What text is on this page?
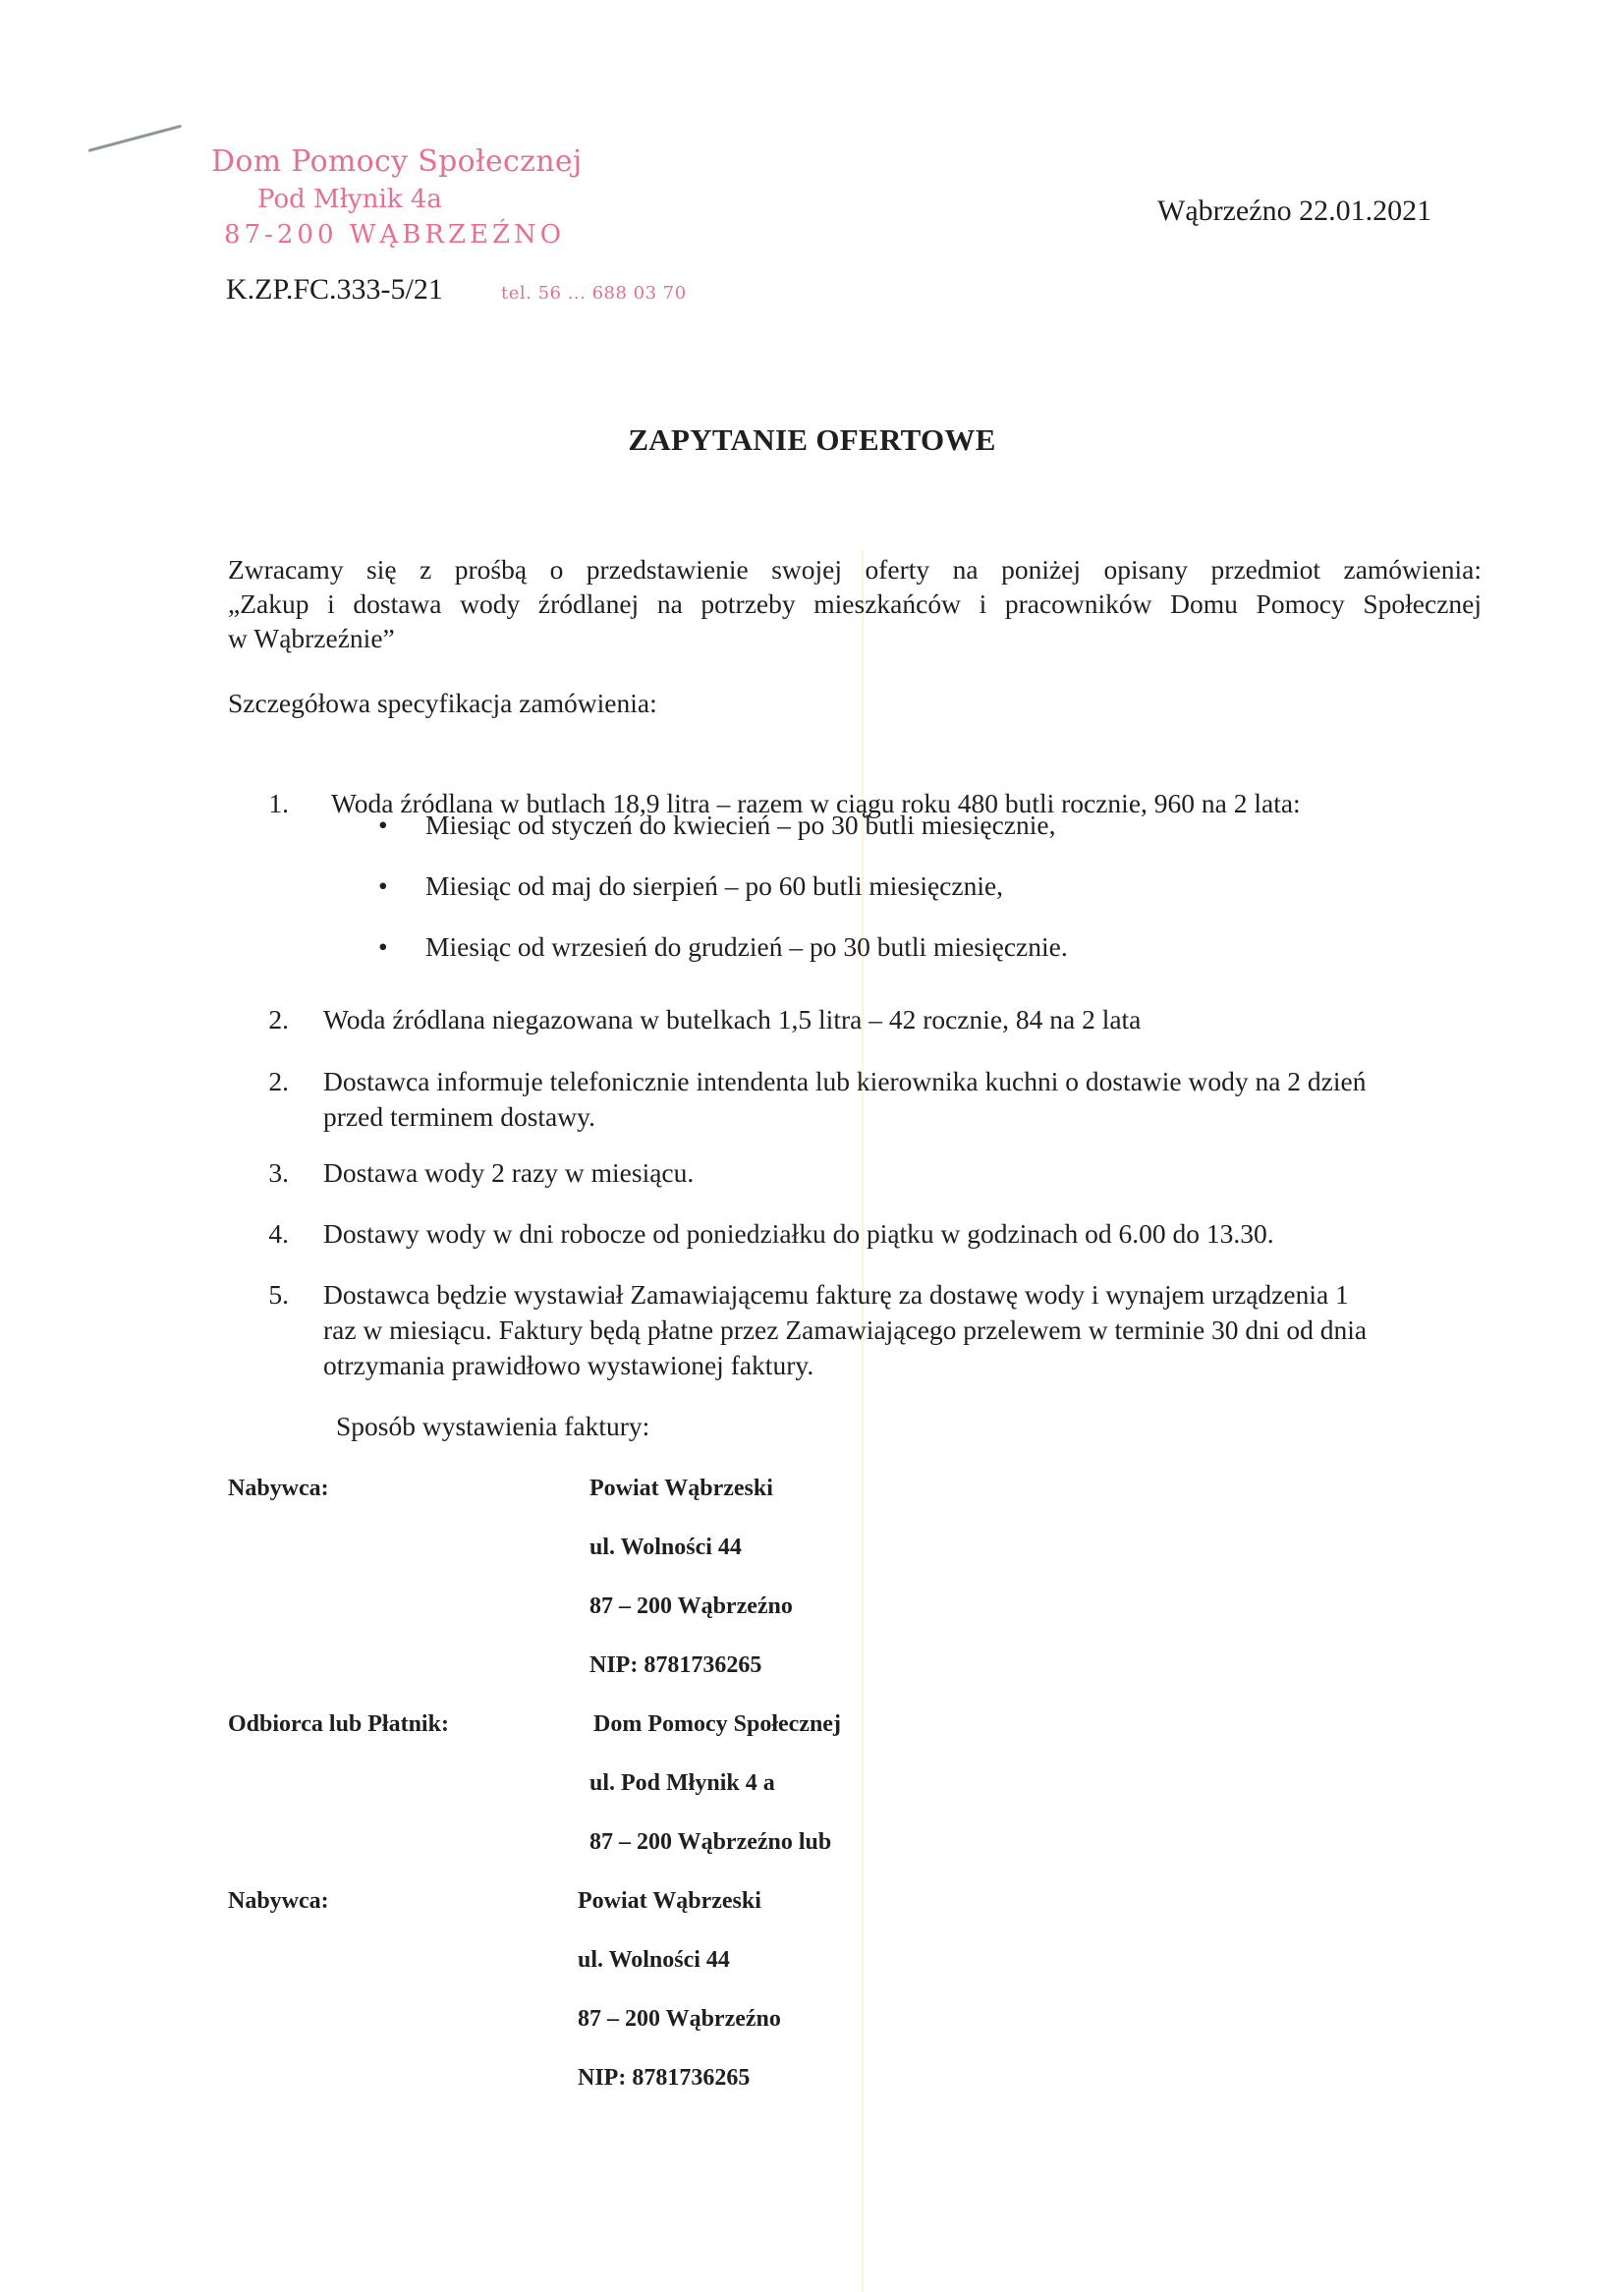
Dom Pomocy Społecznej
Pod Młynik 4a
87-200 WĄBRZEŹNO
tel. 56 ... 688 03 70
K.ZP.FC.333-5/21
Wąbrzeźno 22.01.2021
ZAPYTANIE OFERTOWE
Zwracamy się z prośbą o przedstawienie swojej oferty na poniżej opisany przedmiot zamówienia:
„Zakup i dostawa wody źródlanej na potrzeby mieszkańców i pracowników Domu Pomocy Społecznej
w Wąbrzeźnie”
Szczegółowa specyfikacja zamówienia:
1. Woda źródlana w butlach 18,9 litra – razem w ciągu roku 480 butli rocznie, 960 na 2 lata:
• Miesiąc od styczeń do kwiecień – po 30 butli miesięcznie,
• Miesiąc od maj do sierpień – po 60 butli miesięcznie,
• Miesiąc od wrzesień do grudzień – po 30 butli miesięcznie.
2. Woda źródlana niegazowana w butelkach 1,5 litra – 42 rocznie, 84 na 2 lata
2. Dostawca informuje telefonicznie intendenta lub kierownika kuchni o dostawie wody na 2 dzień
przed terminem dostawy.
3. Dostawa wody 2 razy w miesiącu.
4. Dostawy wody w dni robocze od poniedziałku do piątku w godzinach od 6.00 do 13.30.
5. Dostawca będzie wystawiał Zamawiającemu fakturę za dostawę wody i wynajem urządzenia 1
raz w miesiącu. Faktury będą płatne przez Zamawiającego przelewem w terminie 30 dni od dnia
otrzymania prawidłowo wystawionej faktury.
Sposób wystawienia faktury:
Nabywca:	Powiat Wąbrzeski
ul. Wolności 44
87 – 200 Wąbrzeźno
NIP: 8781736265
Odbiorca lub Płatnik:	Dom Pomocy Społecznej
ul. Pod Młynik 4 a
87 – 200 Wąbrzeźno lub
Nabywca:	Powiat Wąbrzeski
ul. Wolności 44
87 – 200 Wąbrzeźno
NIP: 8781736265
